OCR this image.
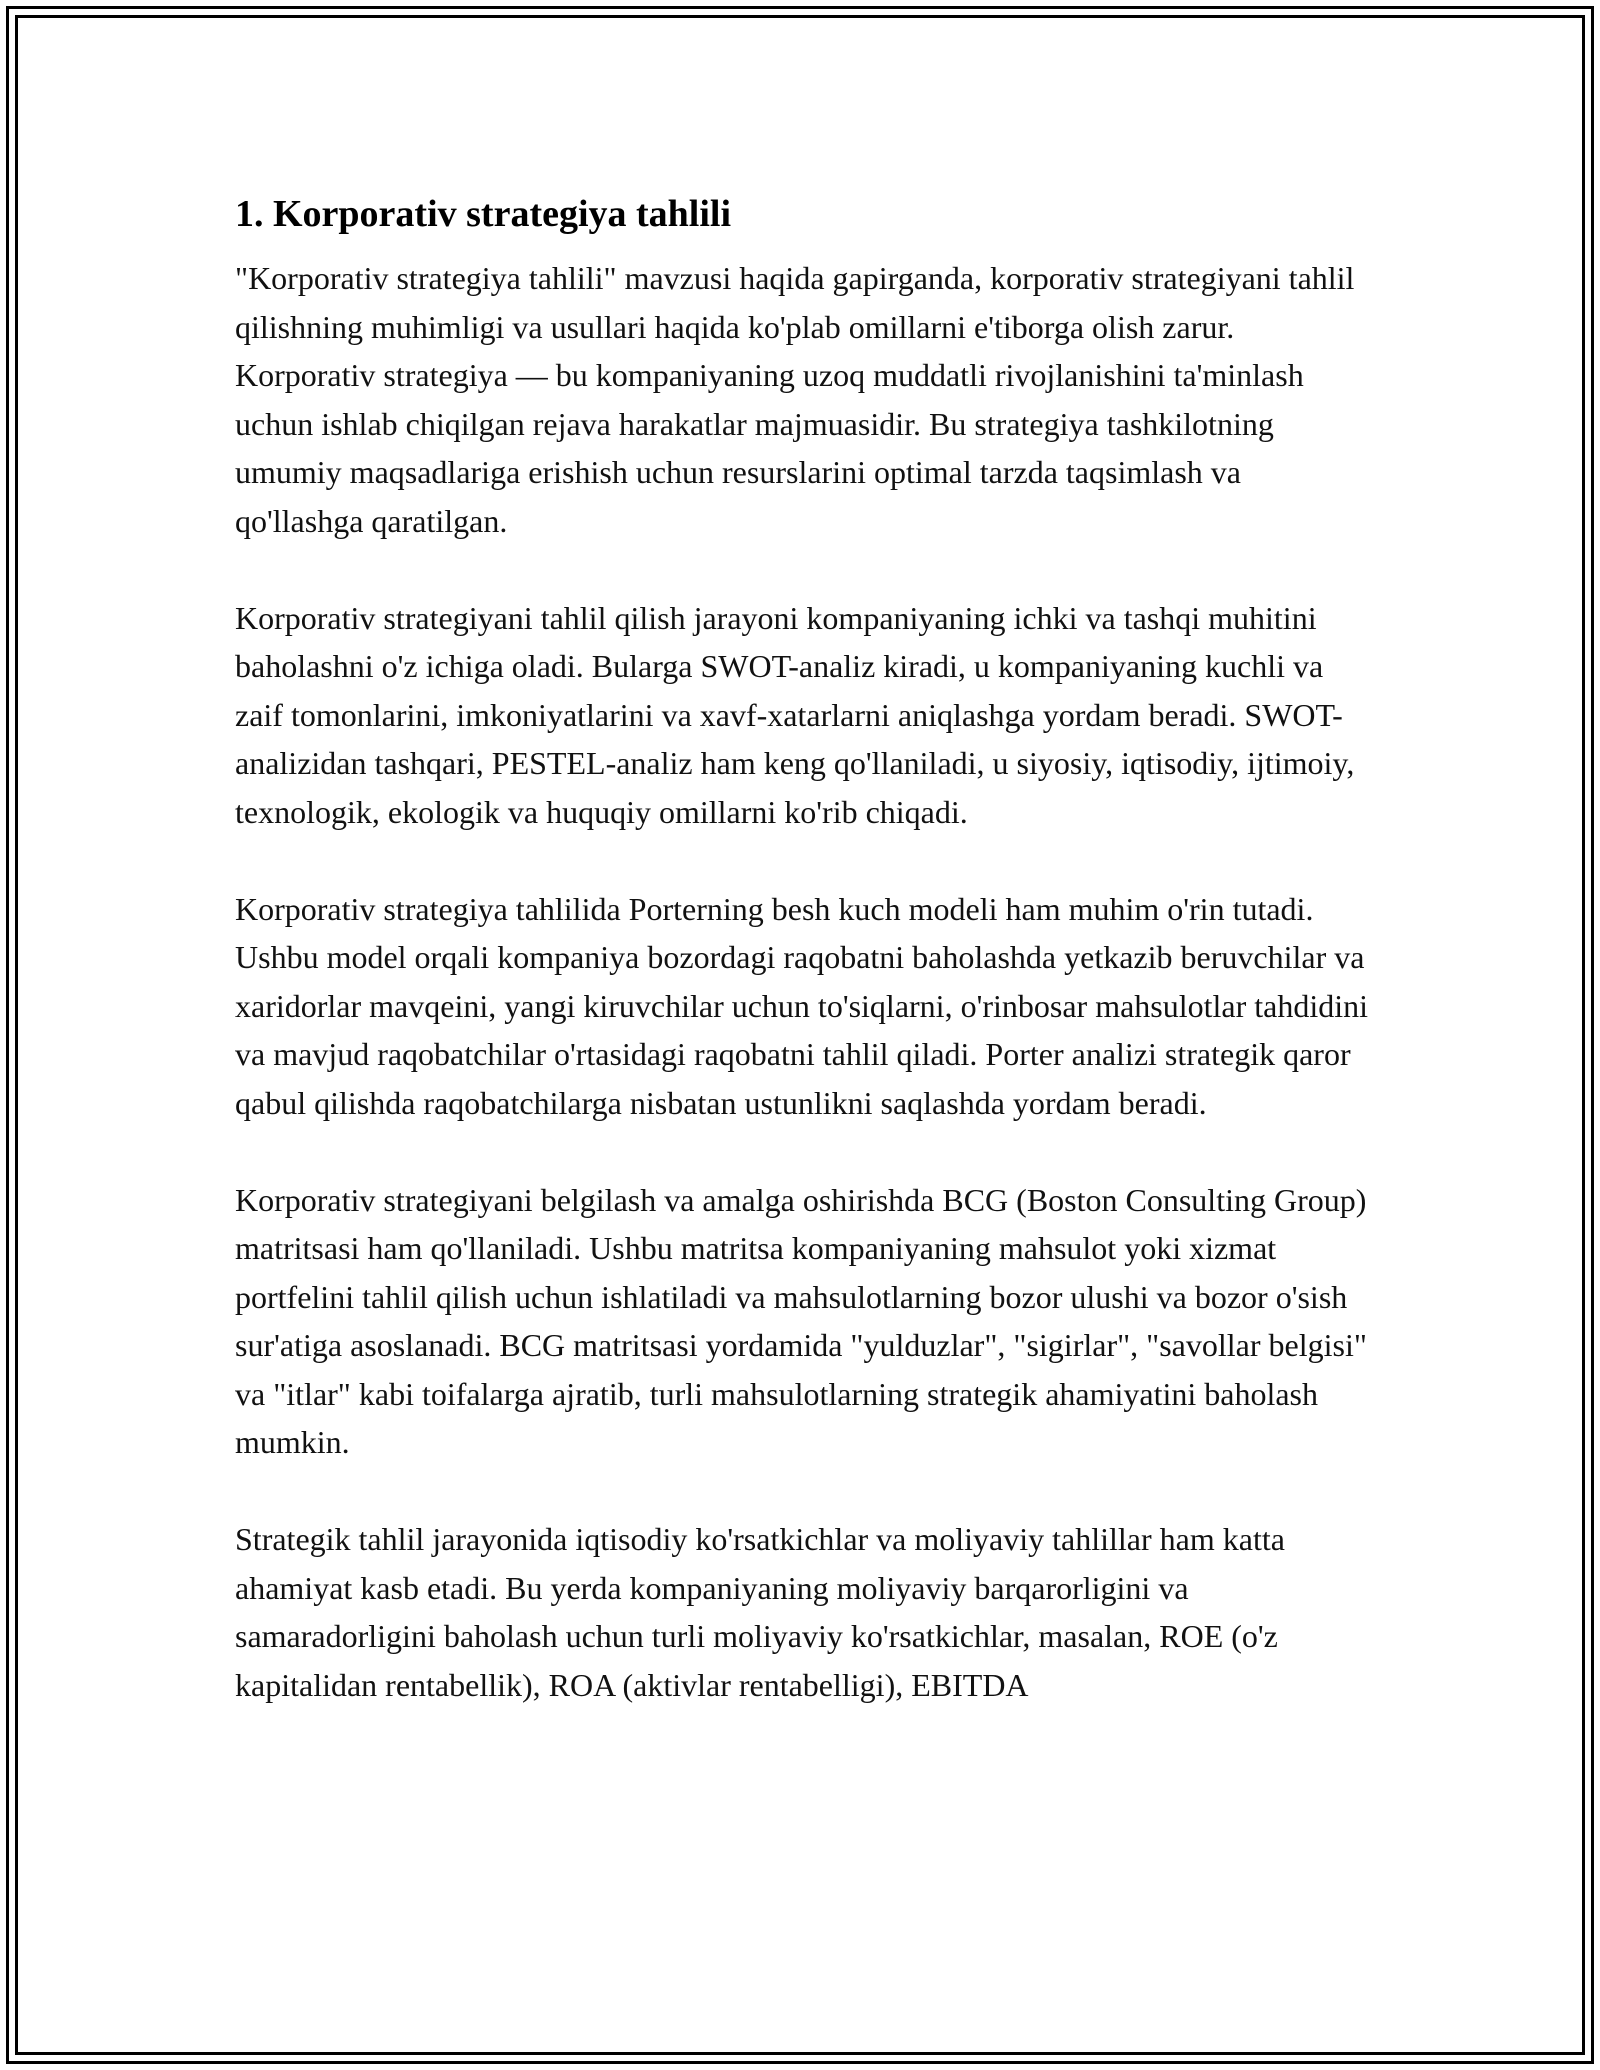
1. Korporativ strategiya tahlili

"Korporativ strategiya tahlili" mavzusi haqida gapirganda, korporativ strategiyani tahlil qilishning muhimligi va usullari haqida ko'plab omillarni e'tiborga olish zarur. Korporativ strategiya — bu kompaniyaning uzoq muddatli rivojlanishini ta'minlash uchun ishlab chiqilgan rejava harakatlar majmuasidir. Bu strategiya tashkilotning umumiy maqsadlariga erishish uchun resurslarini optimal tarzda taqsimlash va qo'llashga qaratilgan.

Korporativ strategiyani tahlil qilish jarayoni kompaniyaning ichki va tashqi muhitini baholashni o'z ichiga oladi. Bularga SWOT-analiz kiradi, u kompaniyaning kuchli va zaif tomonlarini, imkoniyatlarini va xavf-xatarlarni aniqlashga yordam beradi. SWOT-analizidan tashqari, PESTEL-analiz ham keng qo'llaniladi, u siyosiy, iqtisodiy, ijtimoiy, texnologik, ekologik va huquqiy omillarni ko'rib chiqadi.

Korporativ strategiya tahlilida Porterning besh kuch modeli ham muhim o'rin tutadi. Ushbu model orqali kompaniya bozordagi raqobatni baholashda yetkazib beruvchilar va xaridorlar mavqeini, yangi kiruvchilar uchun to'siqlarni, o'rinbosar mahsulotlar tahdidini va mavjud raqobatchilar o'rtasidagi raqobatni tahlil qiladi. Porter analizi strategik qaror qabul qilishda raqobatchilarga nisbatan ustunlikni saqlashda yordam beradi.

Korporativ strategiyani belgilash va amalga oshirishda BCG (Boston Consulting Group) matritsasi ham qo'llaniladi. Ushbu matritsa kompaniyaning mahsulot yoki xizmat portfelini tahlil qilish uchun ishlatiladi va mahsulotlarning bozor ulushi va bozor o'sish sur'atiga asoslanadi. BCG matritsasi yordamida "yulduzlar", "sigirlar", "savollar belgisi" va "itlar" kabi toifalarga ajratib, turli mahsulotlarning strategik ahamiyatini baholash mumkin.

Strategik tahlil jarayonida iqtisodiy ko'rsatkichlar va moliyaviy tahlillar ham katta ahamiyat kasb etadi. Bu yerda kompaniyaning moliyaviy barqarorligini va samaradorligini baholash uchun turli moliyaviy ko'rsatkichlar, masalan, ROE (o'z kapitalidan rentabellik), ROA (aktivlar rentabelligi), EBITDA
